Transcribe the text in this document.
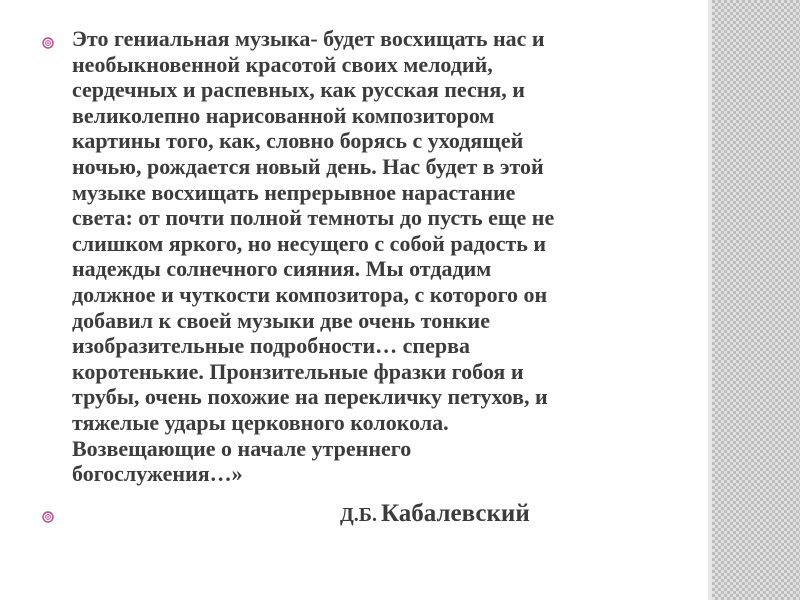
Это гениальная музыка- будет восхищать нас и
необыкновенной красотой своих мелодий,
сердечных и распевных, как русская песня, и
великолепно нарисованной композитором
картины того, как, словно борясь с уходящей
ночью, рождается новый день. Нас будет в этой
музыке восхищать непрерывное нарастание
света: от почти полной темноты до пусть еще не
слишком яркого, но несущего с собой радость и
надежды солнечного сияния. Мы отдадим
должное и чуткости композитора, с которого он
добавил к своей музыки две очень тонкие
изобразительные подробности… сперва
коротенькие. Пронзительные фразки гобоя и
трубы, очень похожие на перекличку петухов, и
тяжелые удары церковного колокола.
Возвещающие о начале утреннего
богослужения…»

Д.Б. Кабалевский
